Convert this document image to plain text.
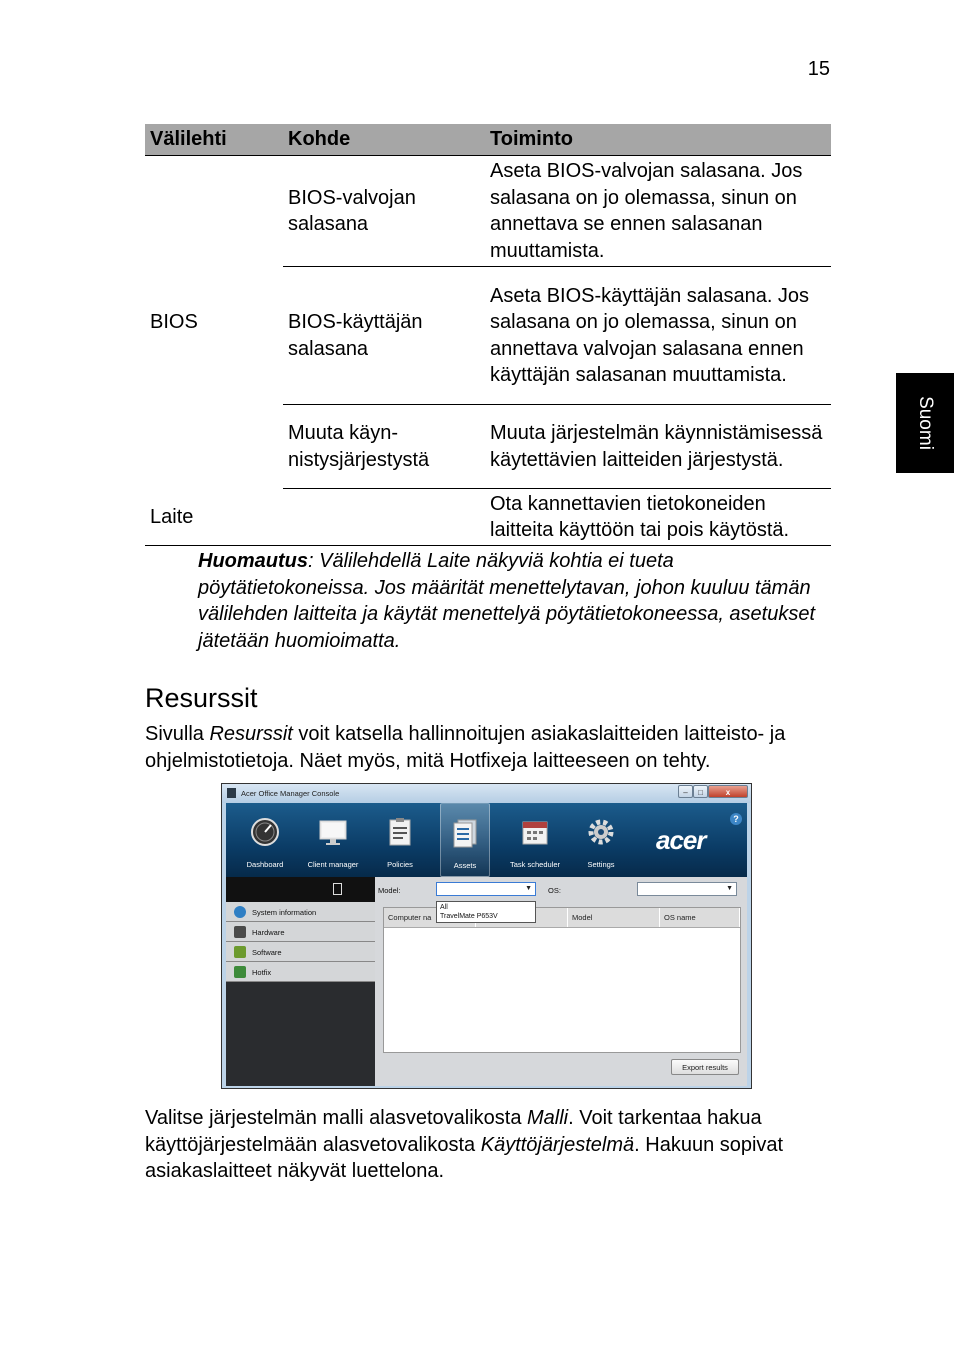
15
Suomi
Välilehti	Kohde	Toiminto
BIOS	BIOS-valvojan salasana	Aseta BIOS-valvojan salasana. Jos salasana on jo olemassa, sinun on annettava se ennen salasanan muuttamista.
	BIOS-käyttäjän salasana	Aseta BIOS-käyttäjän salasana. Jos salasana on jo olemassa, sinun on annettava valvojan salasana ennen käyttäjän salasanan muuttamista.
	Muuta käyn-nistysjärjestystä	Muuta järjestelmän käynnistämisessä käytettävien laitteiden järjestystä.
Laite		Ota kannettavien tietokoneiden laitteita käyttöön tai pois käytöstä.
Huomautus: Välilehdellä Laite näkyviä kohtia ei tueta pöytätietokoneissa. Jos määrität menettelytavan, johon kuuluu tämän välilehden laitteita ja käytät menettelyä pöytätietokoneessa, asetukset jätetään huomioimatta.
Resurssit
Sivulla Resurssit voit katsella hallinnoitujen asiakaslaitteiden laitteisto- ja ohjelmistotietoja. Näet myös, mitä Hotfixeja laitteeseen on tehty.
Acer Office Manager Console	–	□	x
Dashboard	Client manager	Policies	Assets	Task scheduler	Settings
acer
?
System information
Hardware
Software
Hotfix
Model:	▼ OS:	▼
Computer na	Model	OS name
All
TravelMate P653V
Export results
Valitse järjestelmän malli alasvetovalikosta Malli. Voit tarkentaa hakua käyttöjärjestelmään alasvetovalikosta Käyttöjärjestelmä. Hakuun sopivat asiakaslaitteet näkyvät luettelona.
